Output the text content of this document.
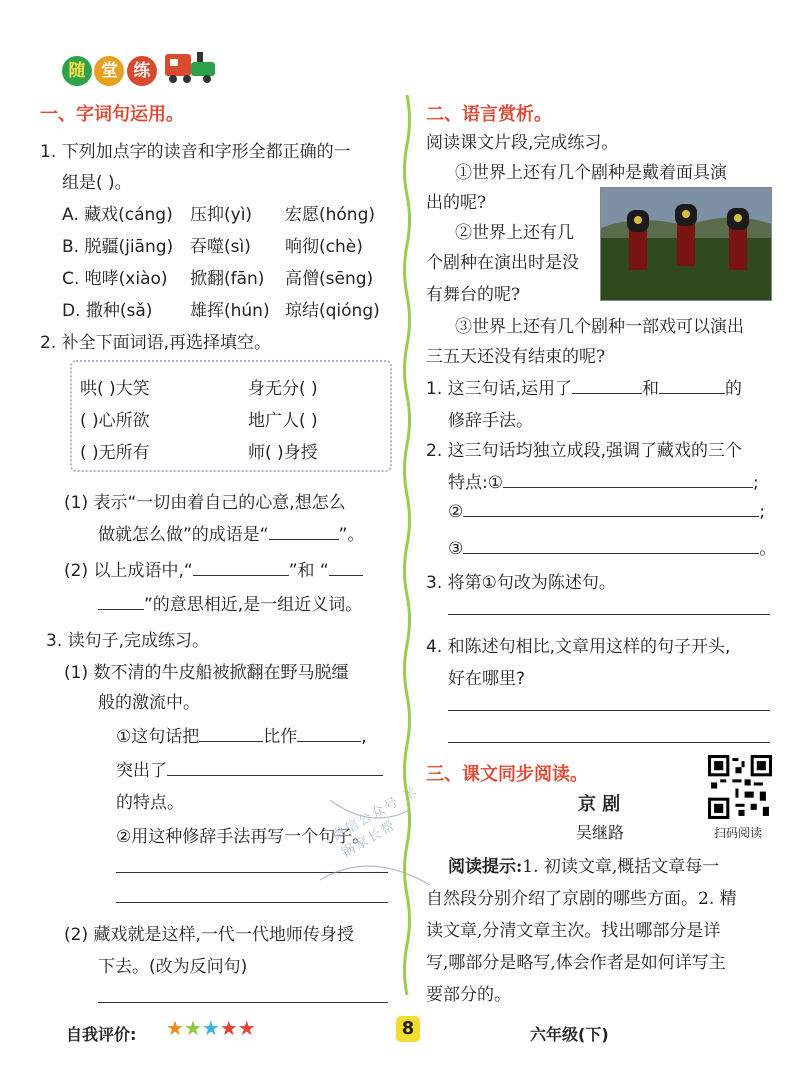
随 堂 练
一、字词句运用。
1. 下列加点字的读音和字形全都正确的一
组是( )。
A. 藏戏(cáng) 压抑(yì) 宏愿(hóng)
B. 脱疆(jiāng) 吞噬(sì) 响彻(chè)
C. 咆哮(xiào) 掀翻(fān) 高僧(sēng)
D. 撒种(sǎ) 雄挥(hún) 琼结(qióng)
2. 补全下面词语,再选择填空。
哄( )大笑	身无分( )
( )心所欲	地广人( )
( )无所有	师( )身授
(1) 表示“一切由着自己的心意,想怎么
做就怎么做”的成语是“	”。
(2) 以上成语中,“	”和 “
”的意思相近,是一组近义词。
3. 读句子,完成练习。
(1) 数不清的牛皮船被掀翻在野马脱缰
般的激流中。
①这句话把	比作	,
突出了
的特点。
②用这种修辞手法再写一个句子。
(2) 藏戏就是这样,一代一代地师传身授
下去。(改为反问句)
微信公众号 米锅家长帮
二、语言赏析。
阅读课文片段,完成练习。
①世界上还有几个剧种是戴着面具演
出的呢?
②世界上还有几
个剧种在演出时是没
有舞台的呢?
③世界上还有几个剧种一部戏可以演出
三五天还没有结束的呢?
1. 这三句话,运用了	和	的
修辞手法。
2. 这三句话均独立成段,强调了藏戏的三个
特点:①	;
②	;
③	。
3. 将第①句改为陈述句。
4. 和陈述句相比,文章用这样的句子开头,
好在哪里?
三、课文同步阅读。
京 剧
吴继路	扫码阅读
阅读提示:1. 初读文章,概括文章每一
自然段分别介绍了京剧的哪些方面。2. 精
读文章,分清文章主次。找出哪部分是详
写,哪部分是略写,体会作者是如何详写主
要部分的。
自我评价: ★★★★★	8	六年级(下)
